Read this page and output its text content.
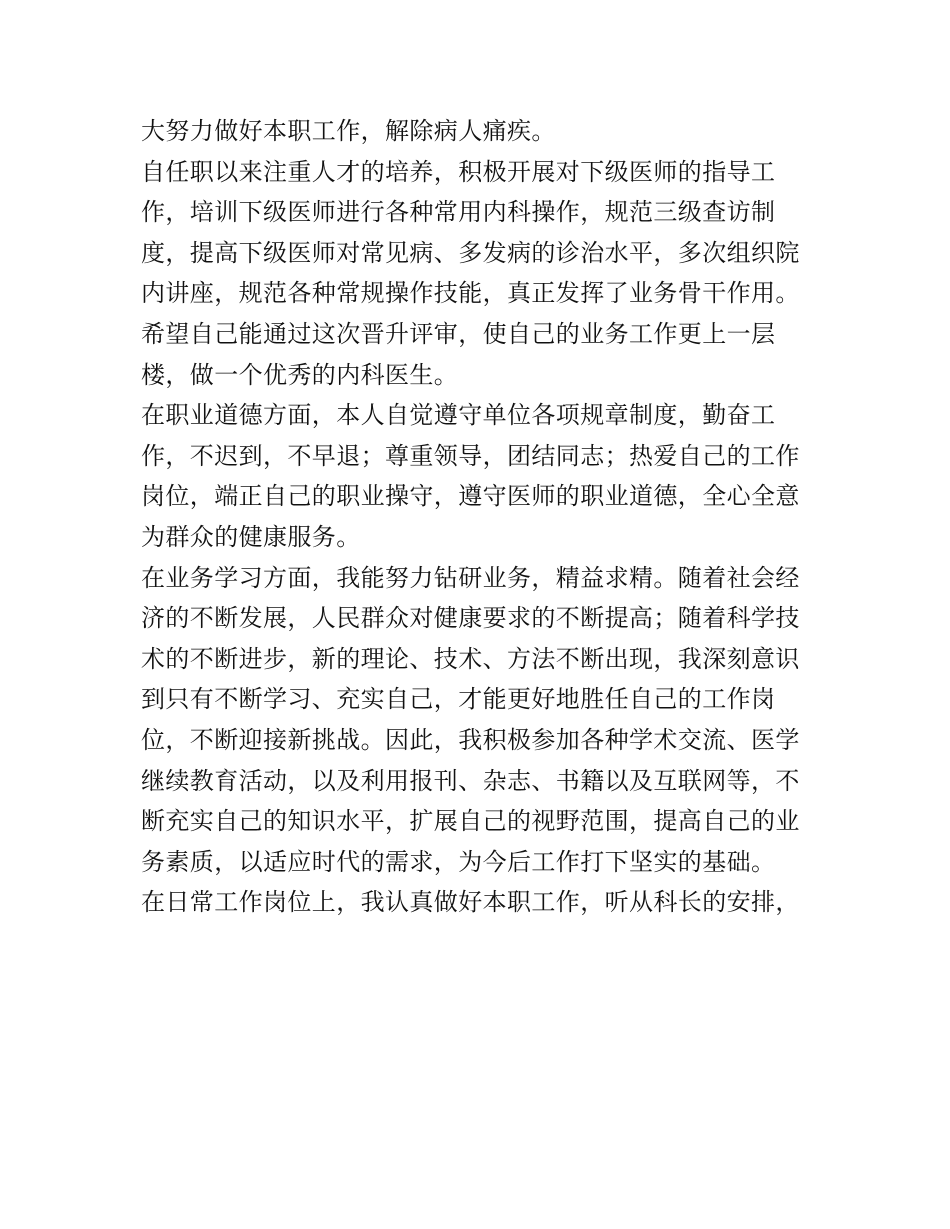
大努力做好本职工作，解除病人痛疾。
自任职以来注重人才的培养，积极开展对下级医师的指导工
作，培训下级医师进行各种常用内科操作，规范三级查访制
度，提高下级医师对常见病、多发病的诊治水平，多次组织院
内讲座，规范各种常规操作技能，真正发挥了业务骨干作用。
希望自己能通过这次晋升评审，使自己的业务工作更上一层
楼，做一个优秀的内科医生。
在职业道德方面，本人自觉遵守单位各项规章制度，勤奋工
作，不迟到，不早退；尊重领导，团结同志；热爱自己的工作
岗位，端正自己的职业操守，遵守医师的职业道德，全心全意
为群众的健康服务。
在业务学习方面，我能努力钻研业务，精益求精。随着社会经
济的不断发展，人民群众对健康要求的不断提高；随着科学技
术的不断进步，新的理论、技术、方法不断出现，我深刻意识
到只有不断学习、充实自己，才能更好地胜任自己的工作岗
位，不断迎接新挑战。因此，我积极参加各种学术交流、医学
继续教育活动，以及利用报刊、杂志、书籍以及互联网等，不
断充实自己的知识水平，扩展自己的视野范围，提高自己的业
务素质，以适应时代的需求，为今后工作打下坚实的基础。
在日常工作岗位上，我认真做好本职工作，听从科长的安排，
